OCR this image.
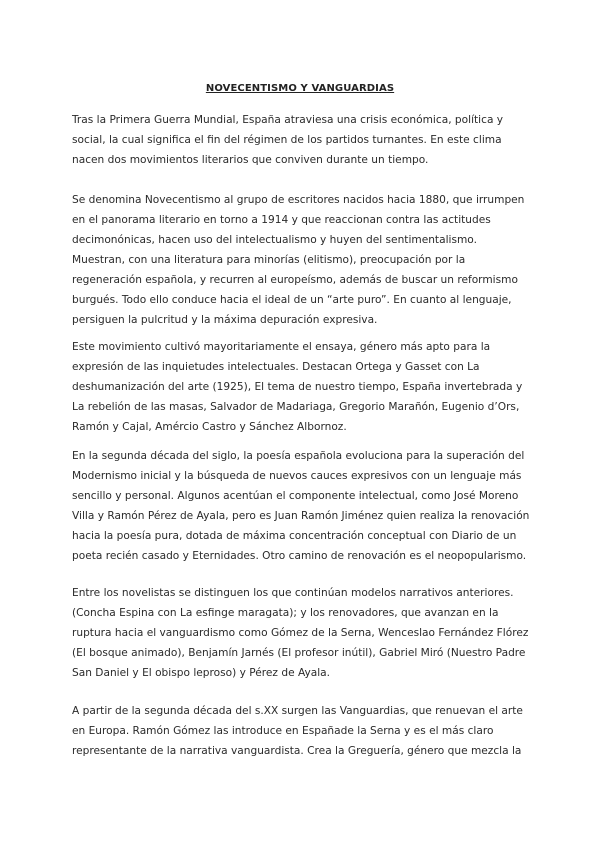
NOVECENTISMO Y VANGUARDIAS

Tras la Primera Guerra Mundial, España atraviesa una crisis económica, política y social, la cual significa el fin del régimen de los partidos turnantes. En este clima nacen dos movimientos literarios que conviven durante un tiempo.

Se denomina Novecentismo al grupo de escritores nacidos hacia 1880, que irrumpen en el panorama literario en torno a 1914 y que reaccionan contra las actitudes decimonónicas, hacen uso del intelectualismo y huyen del sentimentalismo. Muestran, con una literatura para minorías (elitismo), preocupación por la regeneración española, y recurren al europeísmo, además de buscar un reformismo burgués. Todo ello conduce hacia el ideal de un “arte puro”. En cuanto al lenguaje, persiguen la pulcritud y la máxima depuración expresiva.

Este movimiento cultivó mayoritariamente el ensaya, género más apto para la expresión de las inquietudes intelectuales. Destacan Ortega y Gasset con La deshumanización del arte (1925), El tema de nuestro tiempo, España invertebrada y La rebelión de las masas, Salvador de Madariaga, Gregorio Marañón, Eugenio d’Ors, Ramón y Cajal, Amércio Castro y Sánchez Albornoz.

En la segunda década del siglo, la poesía española evoluciona para la superación del Modernismo inicial y la búsqueda de nuevos cauces expresivos con un lenguaje más sencillo y personal. Algunos acentúan el componente intelectual, como José Moreno Villa y Ramón Pérez de Ayala, pero es Juan Ramón Jiménez quien realiza la renovación hacia la poesía pura, dotada de máxima concentración conceptual con Diario de un poeta recién casado y Eternidades. Otro camino de renovación es el neopopularismo.

Entre los novelistas se distinguen los que continúan modelos narrativos anteriores. (Concha Espina con La esfinge maragata); y los renovadores, que avanzan en la ruptura hacia el vanguardismo como Gómez de la Serna, Wenceslao Fernández Flórez (El bosque animado), Benjamín Jarnés (El profesor inútil), Gabriel Miró (Nuestro Padre San Daniel y El obispo leproso) y Pérez de Ayala.

A partir de la segunda década del s.XX surgen las Vanguardias, que renuevan el arte en Europa. Ramón Gómez las introduce en Españade la Serna y es el más claro representante de la narrativa vanguardista. Crea la Greguería, género que mezcla la
